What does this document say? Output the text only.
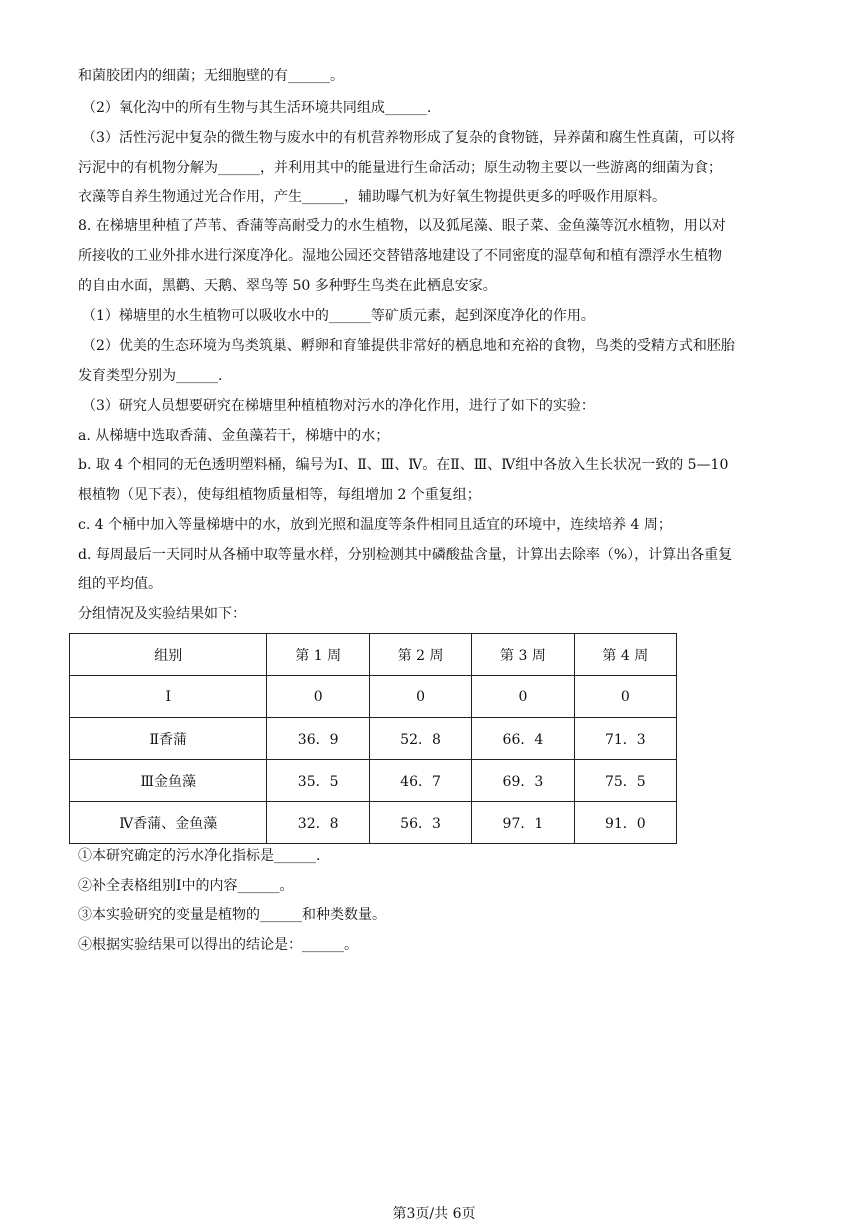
和菌胶团内的细菌；无细胞壁的有______。
（2）氧化沟中的所有生物与其生活环境共同组成______.
（3）活性污泥中复杂的微生物与废水中的有机营养物形成了复杂的食物链，异养菌和腐生性真菌，可以将
污泥中的有机物分解为______，并利用其中的能量进行生命活动；原生动物主要以一些游离的细菌为食；
衣藻等自养生物通过光合作用，产生______，辅助曝气机为好氧生物提供更多的呼吸作用原料。
8. 在梯塘里种植了芦苇、香蒲等高耐受力的水生植物，以及狐尾藻、眼子菜、金鱼藻等沉水植物，用以对
所接收的工业外排水进行深度净化。湿地公园还交替错落地建设了不同密度的湿草甸和植有漂浮水生植物
的自由水面，黑鹳、天鹅、翠鸟等 50 多种野生鸟类在此栖息安家。
（1）梯塘里的水生植物可以吸收水中的______等矿质元素，起到深度净化的作用。
（2）优美的生态环境为鸟类筑巢、孵卵和育雏提供非常好的栖息地和充裕的食物，鸟类的受精方式和胚胎
发育类型分别为______.
（3）研究人员想要研究在梯塘里种植植物对污水的净化作用，进行了如下的实验：
a. 从梯塘中选取香蒲、金鱼藻若干，梯塘中的水；
b. 取 4 个相同的无色透明塑料桶，编号为Ⅰ、Ⅱ、Ⅲ、Ⅳ。在Ⅱ、Ⅲ、Ⅳ组中各放入生长状况一致的 5—10
根植物（见下表），使每组植物质量相等，每组增加 2 个重复组；
c. 4 个桶中加入等量梯塘中的水，放到光照和温度等条件相同且适宜的环境中，连续培养 4 周；
d. 每周最后一天同时从各桶中取等量水样，分别检测其中磷酸盐含量，计算出去除率（%），计算出各重复
组的平均值。
分组情况及实验结果如下：
组别	第 1 周	第 2 周	第 3 周	第 4 周
Ⅰ	0	0	0	0
Ⅱ香蒲	36．9	52．8	66．4	71．3
Ⅲ金鱼藻	35．5	46．7	69．3	75．5
Ⅳ香蒲、金鱼藻	32．8	56．3	97．1	91．0
①本研究确定的污水净化指标是______.
②补全表格组别Ⅰ中的内容______。
③本实验研究的变量是植物的______和种类数量。
④根据实验结果可以得出的结论是：______。
第3页/共 6页
